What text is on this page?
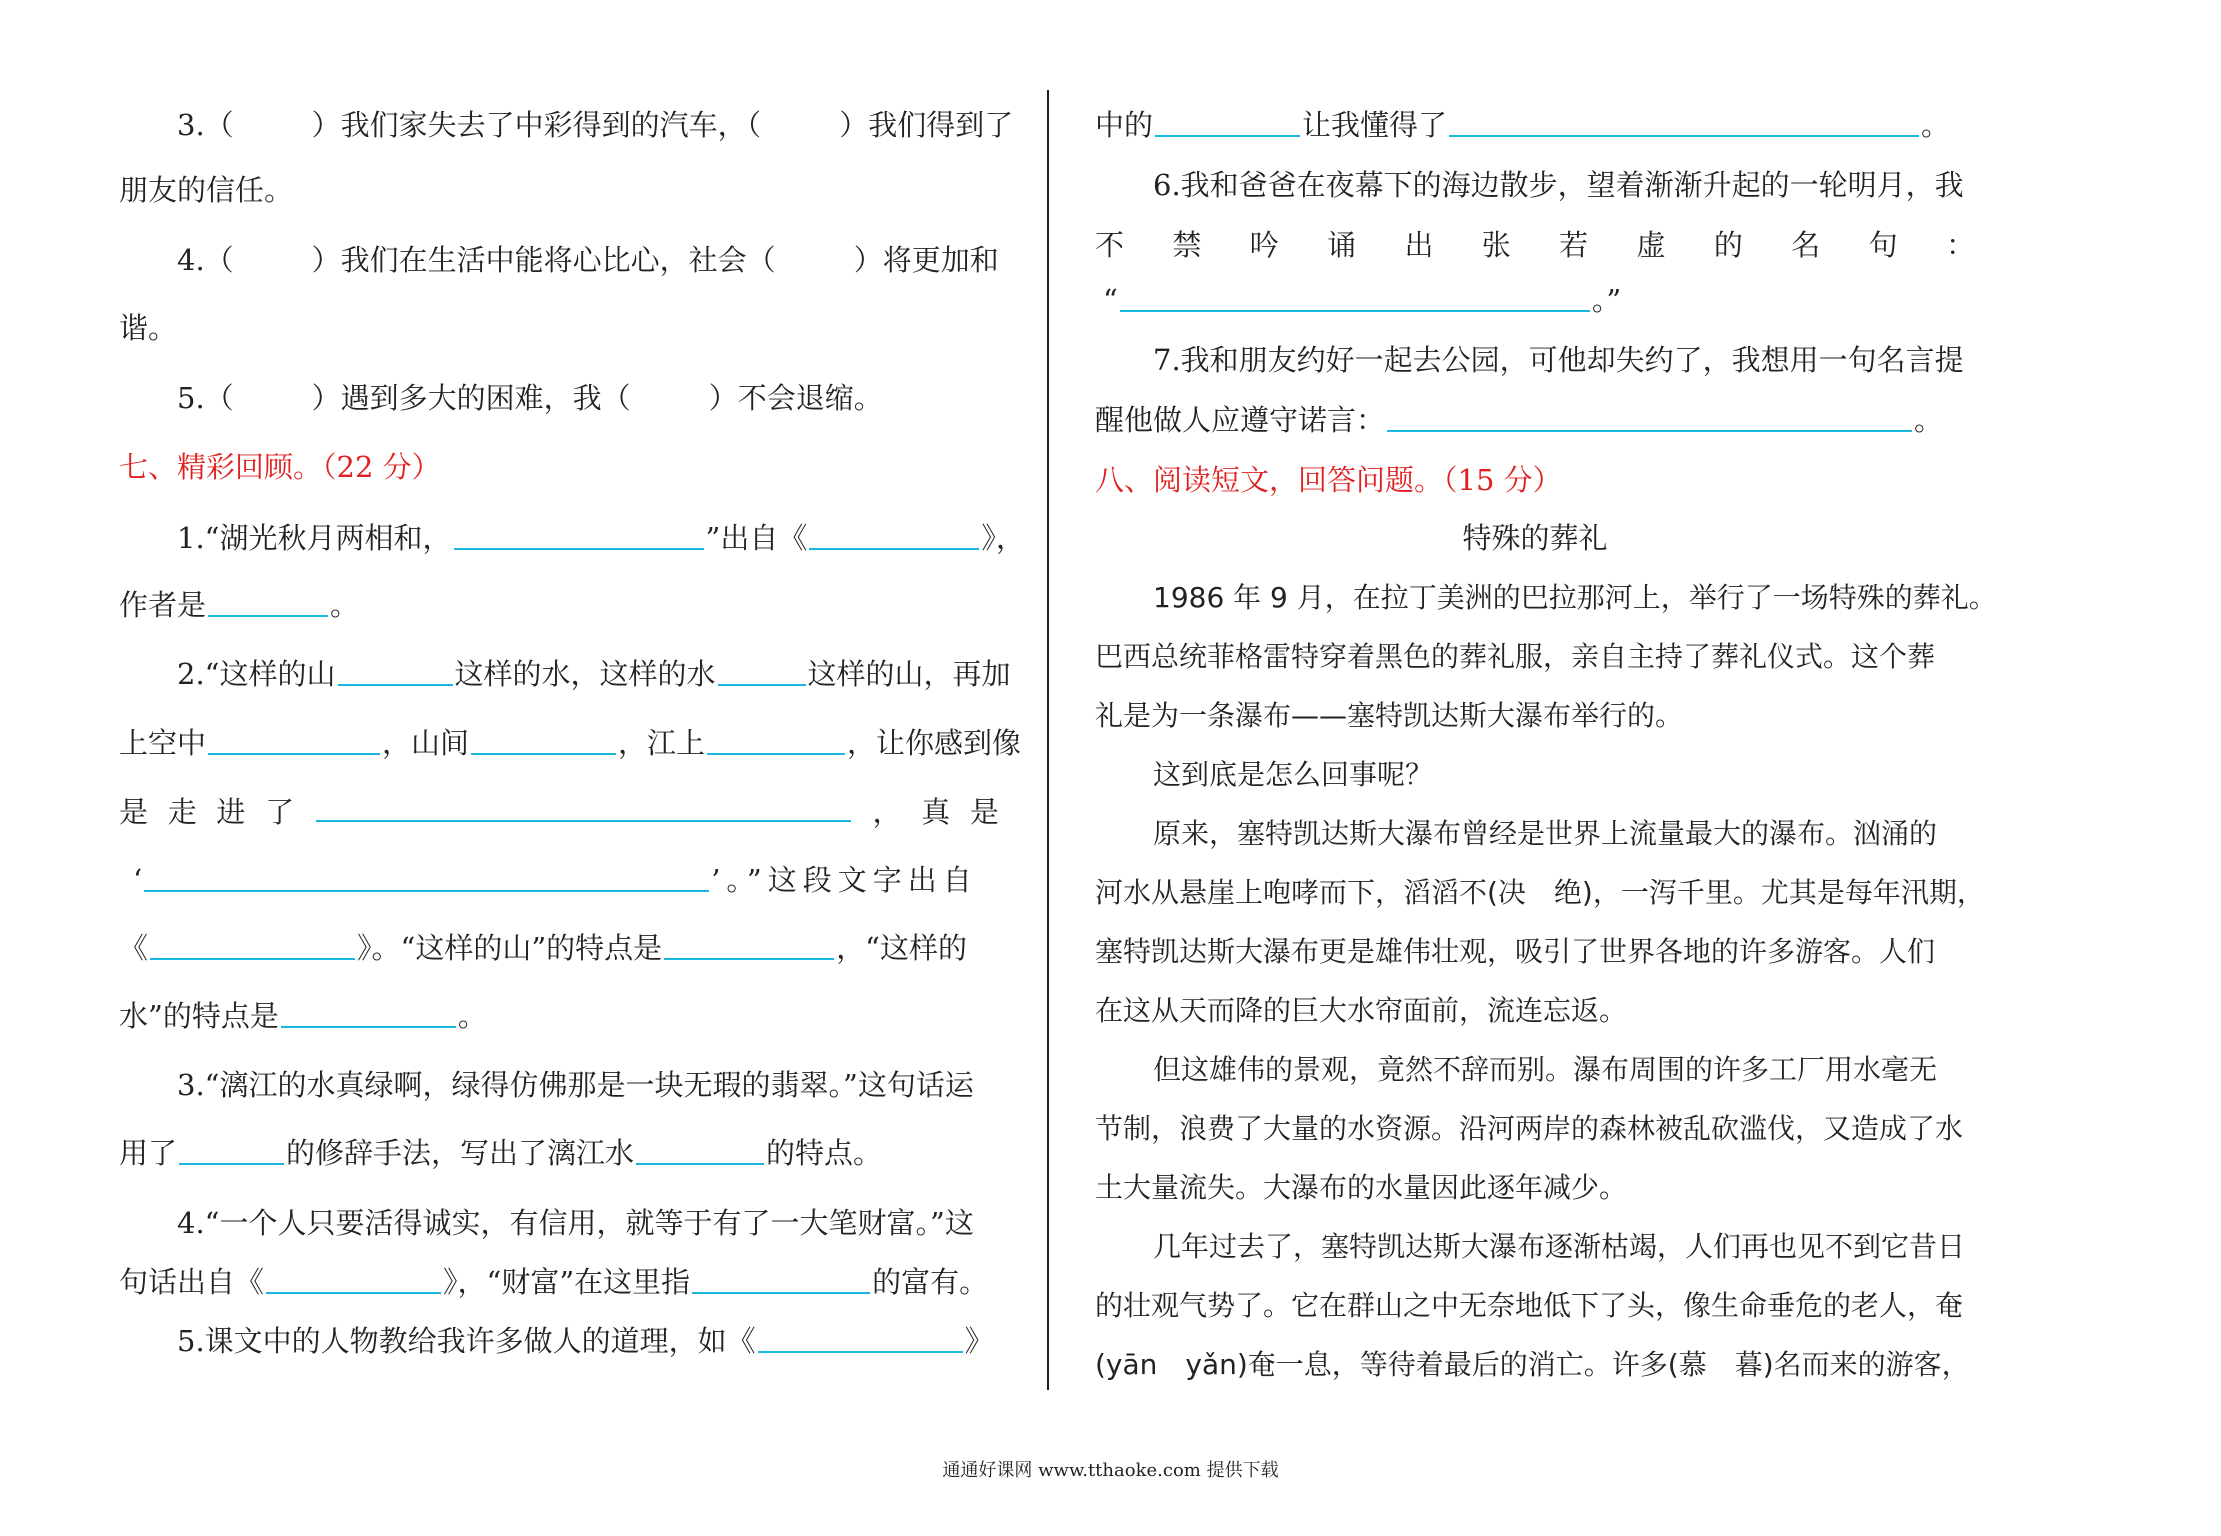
3.（	）我们家失去了中彩得到的汽车，（	）我们得到了
朋友的信任。
4.（	）我们在生活中能将心比心，社会（	）将更加和
谐。
5.（	）遇到多大的困难，我（	）不会退缩。
七、精彩回顾。（22 分）
1.“湖光秋月两相和，	”出自《	》，
作者是	。
2.“这样的山	这样的水，这样的水	这样的山，再加
上空中	，山间	，江上	，让你感到像
是 走 进 了	， 真 是
‘	’。”这段文字出自
《	》。“这样的山”的特点是	，“这样的
水”的特点是	。
3.“漓江的水真绿啊，绿得仿佛那是一块无瑕的翡翠。”这句话运
用了	的修辞手法，写出了漓江水	的特点。
4.“一个人只要活得诚实，有信用，就等于有了一大笔财富。”这
句话出自《	》，“财富”在这里指	的富有。
5.课文中的人物教给我许多做人的道理，如《	》
中的	让我懂得了	。
6.我和爸爸在夜幕下的海边散步，望着渐渐升起的一轮明月，我
不 禁 吟 诵 出 张 若 虚 的 名 句 ：
“	。”
7.我和朋友约好一起去公园，可他却失约了，我想用一句名言提
醒他做人应遵守诺言：	。
八、阅读短文，回答问题。（15 分）
特殊的葬礼
1986 年 9 月，在拉丁美洲的巴拉那河上，举行了一场特殊的葬礼。
巴西总统菲格雷特穿着黑色的葬礼服，亲自主持了葬礼仪式。这个葬
礼是为一条瀑布——塞特凯达斯大瀑布举行的。
这到底是怎么回事呢？
原来，塞特凯达斯大瀑布曾经是世界上流量最大的瀑布。汹涌的
河水从悬崖上咆哮而下，滔滔不(决　绝)，一泻千里。尤其是每年汛期，
塞特凯达斯大瀑布更是雄伟壮观，吸引了世界各地的许多游客。人们
在这从天而降的巨大水帘面前，流连忘返。
但这雄伟的景观，竟然不辞而别。瀑布周围的许多工厂用水毫无
节制，浪费了大量的水资源。沿河两岸的森林被乱砍滥伐，又造成了水
土大量流失。大瀑布的水量因此逐年减少。
几年过去了，塞特凯达斯大瀑布逐渐枯竭，人们再也见不到它昔日
的壮观气势了。它在群山之中无奈地低下了头，像生命垂危的老人，奄
(yān　yǎn)奄一息，等待着最后的消亡。许多(慕　暮)名而来的游客，
通通好课网 www.tthaoke.com 提供下载
